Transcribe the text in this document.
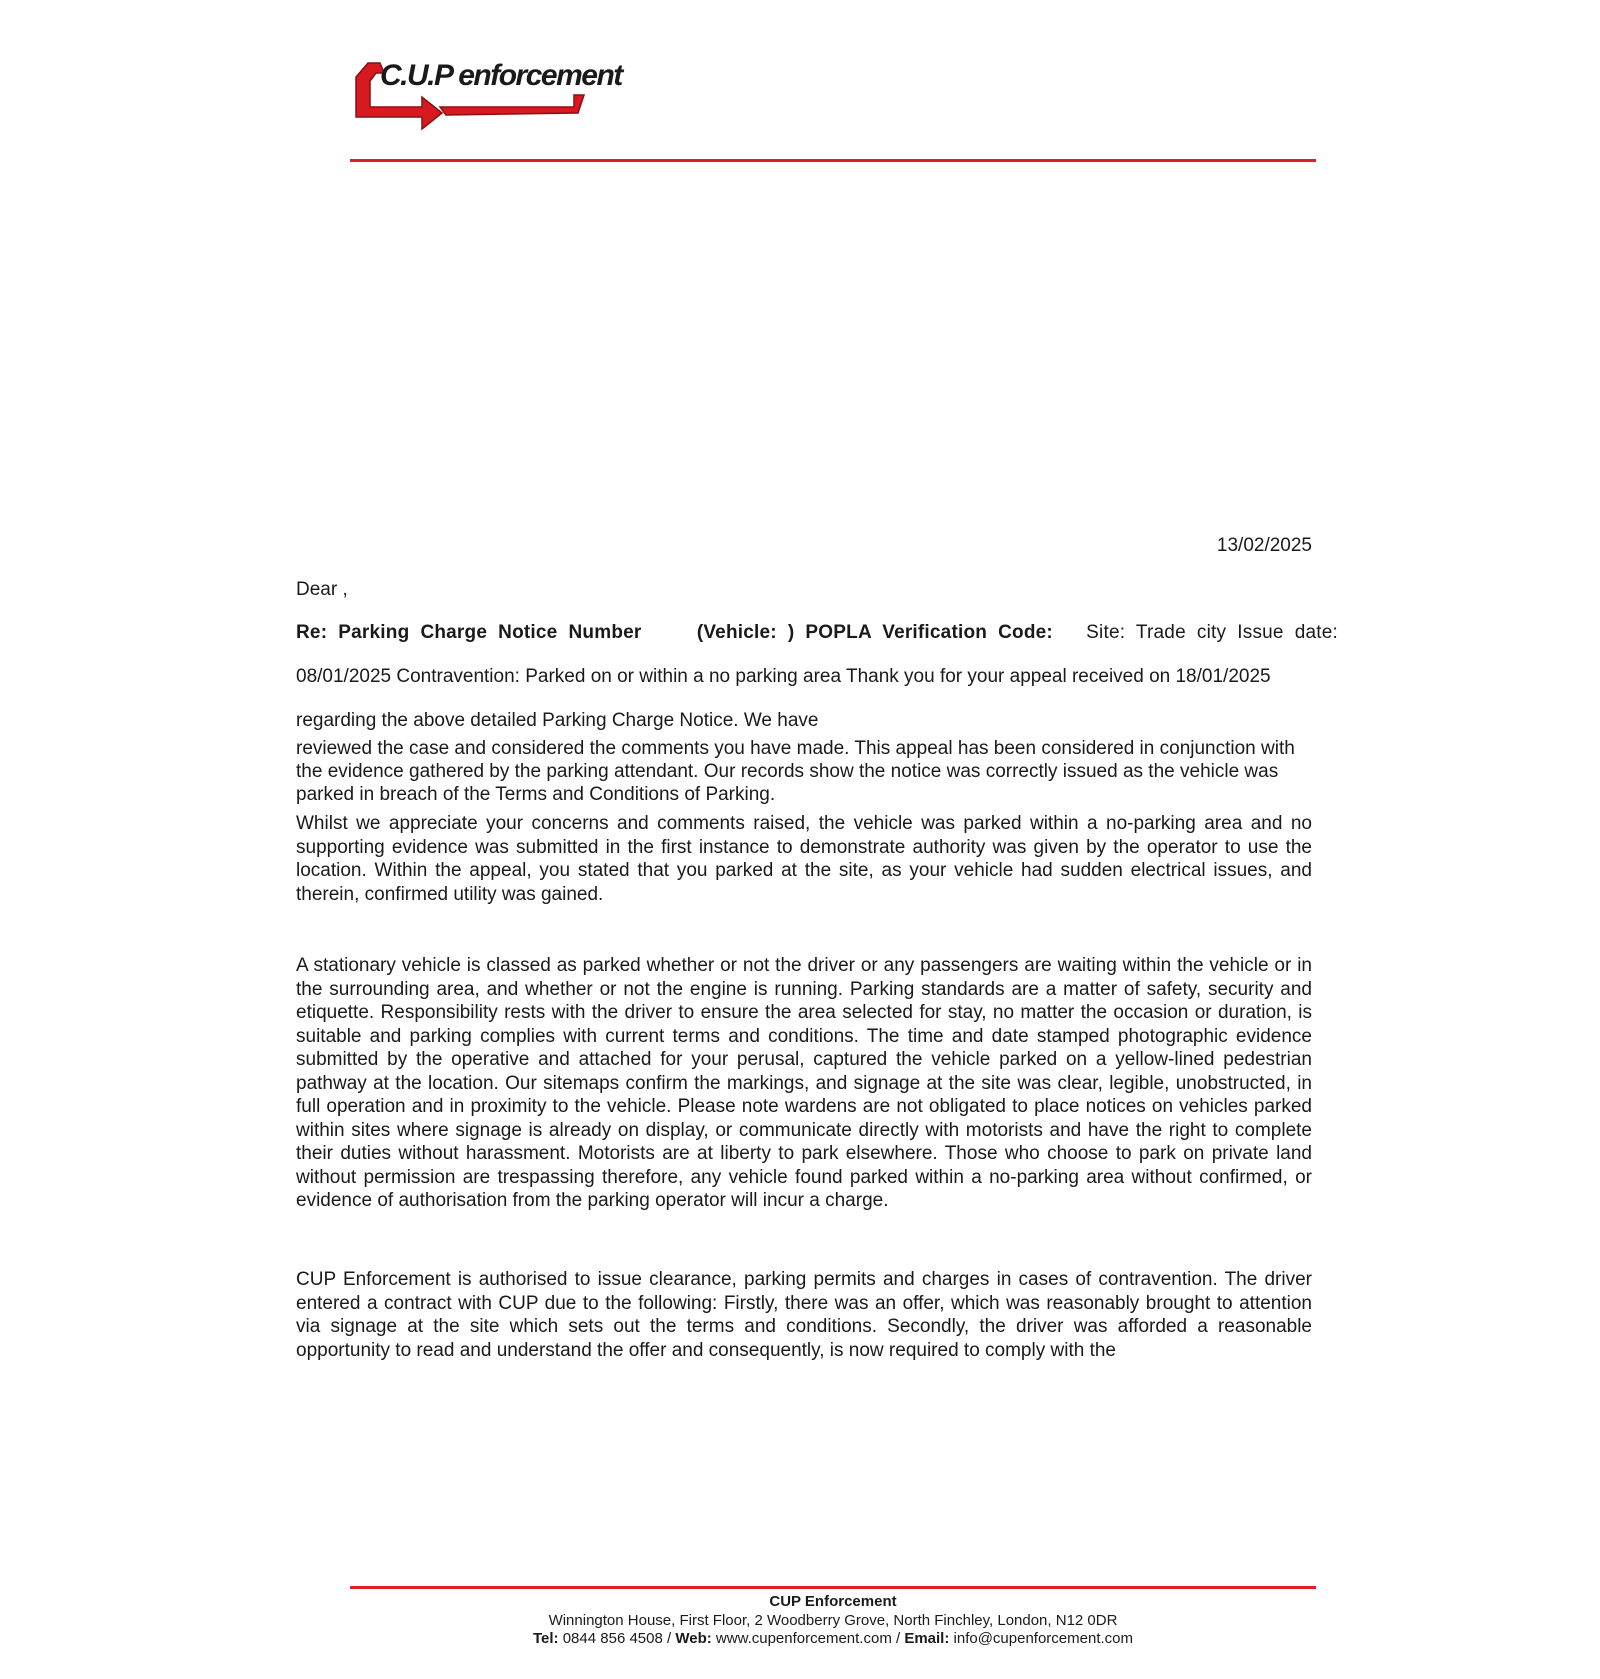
C.U.P enforcement
13/02/2025
Dear ,
Re: Parking Charge Notice Number	(Vehicle: ) POPLA Verification Code: Site: Trade city Issue date:
08/01/2025 Contravention: Parked on or within a no parking area Thank you for your appeal received on 18/01/2025
regarding the above detailed Parking Charge Notice. We have
reviewed the case and considered the comments you have made. This appeal has been considered in conjunction with the evidence gathered by the parking attendant. Our records show the notice was correctly issued as the vehicle was parked in breach of the Terms and Conditions of Parking.
Whilst we appreciate your concerns and comments raised, the vehicle was parked within a no-parking area and no supporting evidence was submitted in the first instance to demonstrate authority was given by the operator to use the location. Within the appeal, you stated that you parked at the site, as your vehicle had sudden electrical issues, and therein, confirmed utility was gained.
A stationary vehicle is classed as parked whether or not the driver or any passengers are waiting within the vehicle or in the surrounding area, and whether or not the engine is running. Parking standards are a matter of safety, security and etiquette. Responsibility rests with the driver to ensure the area selected for stay, no matter the occasion or duration, is suitable and parking complies with current terms and conditions. The time and date stamped photographic evidence submitted by the operative and attached for your perusal, captured the vehicle parked on a yellow-lined pedestrian pathway at the location. Our sitemaps confirm the markings, and signage at the site was clear, legible, unobstructed, in full operation and in proximity to the vehicle. Please note wardens are not obligated to place notices on vehicles parked within sites where signage is already on display, or communicate directly with motorists and have the right to complete their duties without harassment. Motorists are at liberty to park elsewhere. Those who choose to park on private land without permission are trespassing therefore, any vehicle found parked within a no-parking area without confirmed, or evidence of authorisation from the parking operator will incur a charge.
CUP Enforcement is authorised to issue clearance, parking permits and charges in cases of contravention. The driver entered a contract with CUP due to the following: Firstly, there was an offer, which was reasonably brought to attention via signage at the site which sets out the terms and conditions. Secondly, the driver was afforded a reasonable opportunity to read and understand the offer and consequently, is now required to comply with the
CUP Enforcement
Winnington House, First Floor, 2 Woodberry Grove, North Finchley, London, N12 0DR
Tel: 0844 856 4508 / Web: www.cupenforcement.com / Email: info@cupenforcement.com
